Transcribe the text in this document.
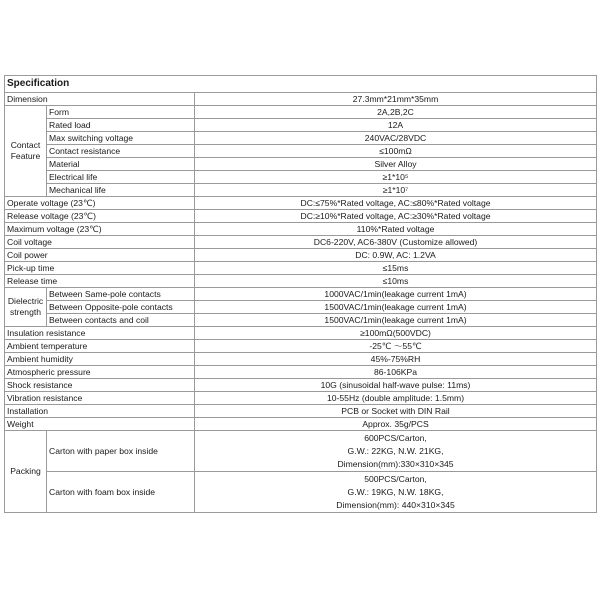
Specification		
Dimension		27.3mm*21mm*35mm
Contact Feature	Form	2A,2B,2C
	Rated load	12A
	Max switching voltage	240VAC/28VDC
	Contact resistance	≤100mΩ
	Material	Silver Alloy
	Electrical life	≥1*10⁵
	Mechanical life	≥1*10⁷
Operate voltage (23℃)		DC:≤75%*Rated voltage, AC:≤80%*Rated voltage
Release voltage (23℃)		DC:≥10%*Rated voltage, AC:≥30%*Rated voltage
Maximum voltage (23℃)		110%*Rated voltage
Coil voltage		DC6-220V, AC6-380V (Customize allowed)
Coil power		DC: 0.9W, AC: 1.2VA
Pick-up time		≤15ms
Release time		≤10ms
Dielectric strength	Between Same-pole contacts	1000VAC/1min(leakage current 1mA)
	Between Opposite-pole contacts	1500VAC/1min(leakage current 1mA)
	Between contacts and coil	1500VAC/1min(leakage current 1mA)
Insulation resistance		≥100mΩ(500VDC)
Ambient temperature		-25℃ ～55℃
Ambient humidity		45%-75%RH
Atmospheric pressure		86-106KPa
Shock resistance		10G (sinusoidal half-wave pulse: 11ms)
Vibration resistance		10-55Hz (double amplitude: 1.5mm)
Installation		PCB or Socket with DIN Rail
Weight		Approx. 35g/PCS
Packing	Carton with paper box inside	600PCS/Carton,
G.W.: 22KG, N.W. 21KG,
Dimension(mm):330×310×345

	Carton with foam box inside	500PCS/Carton,
G.W.: 19KG, N.W. 18KG,
Dimension(mm): 440×310×345
